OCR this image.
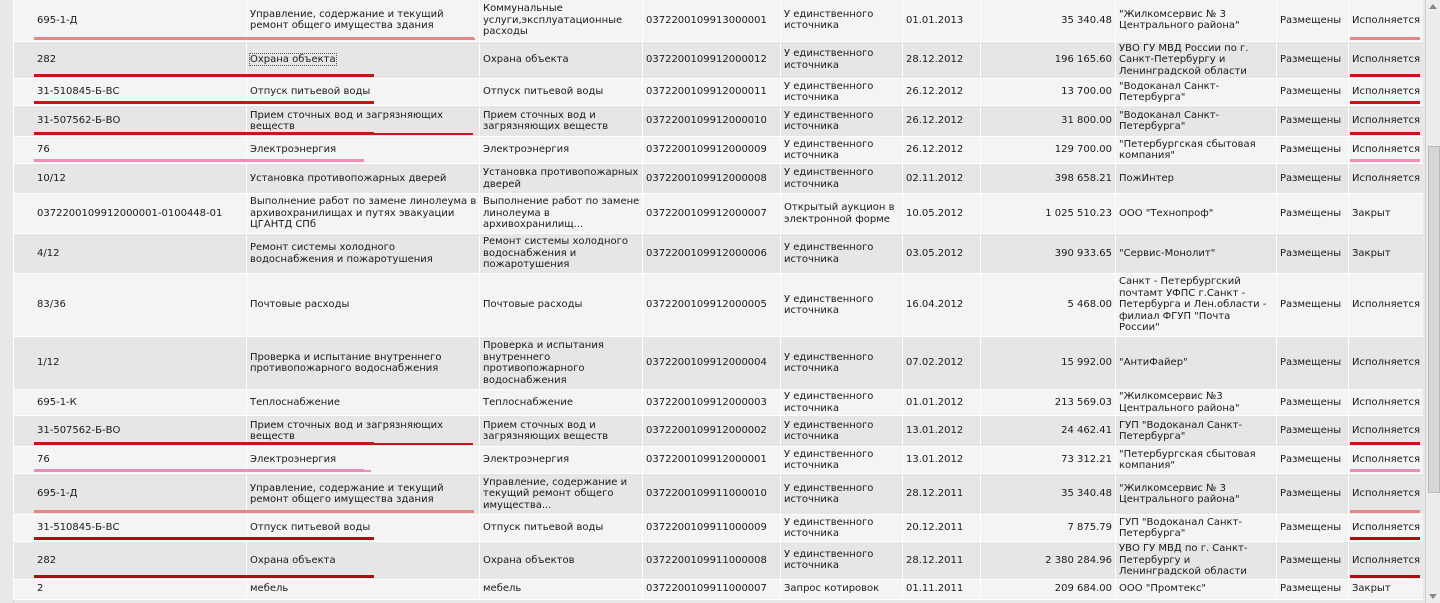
695-1-Д	Управление, содержание и текущий ремонт общего имущества здания	Коммунальные услуги,эксплуатационные расходы	0372200109913000001	У единственного источника	01.01.2013	35 340.48	"Жилкомсервис № 3 Центрального района"	Размещены	Исполняется

282	Охрана объекта	Охрана объекта	0372200109912000012	У единственного источника	28.12.2012	196 165.60	УВО ГУ МВД России по г. Санкт-Петербургу и Ленинградской области	Размещены	Исполняется

31-510845-Б-ВС	Отпуск питьевой воды	Отпуск питьевой воды	0372200109912000011	У единственного источника	26.12.2012	13 700.00	"Водоканал Санкт-Петербурга"	Размещены	Исполняется

31-507562-Б-ВО	Прием сточных вод и загрязняющих веществ	Прием сточных вод и загрязняющих веществ	0372200109912000010	У единственного источника	26.12.2012	31 800.00	"Водоканал Санкт-Петербурга"	Размещены	Исполняется

76	Электроэнергия	Электроэнергия	0372200109912000009	У единственного источника	26.12.2012	129 700.00	"Петербургская сбытовая компания"	Размещены	Исполняется

10/12	Установка противопожарных дверей	Установка противопожарных дверей	0372200109912000008	У единственного источника	02.11.2012	398 658.21	ПожИнтер	Размещены	Исполняется
0372200109912000001-0100448-01	Выполнение работ по замене линолеума в архивохранилищах и путях эвакуации ЦГАНТД СПб	Выполнение работ по замене линолеума в архивохранилищ...	0372200109912000007	Открытый аукцион в электронной форме	10.05.2012	1 025 510.23	ООО "Технопроф"	Размещены	Закрыт
4/12	Ремонт системы холодного водоснабжения и пожаротушения	Ремонт системы холодного водоснабжения и пожаротушения	0372200109912000006	У единственного источника	03.05.2012	390 933.65	"Сервис-Монолит"	Размещены	Закрыт
83/36	Почтовые расходы	Почтовые расходы	0372200109912000005	У единственного источника	16.04.2012	5 468.00	Санкт - Петербургский почтамт УФПС г.Санкт - Петербурга и Лен.области - филиал ФГУП "Почта России"	Размещены	Исполняется
1/12	Проверка и испытание внутреннего противопожарного водоснабжения	Проверка и испытания внутреннего противопожарного водоснабжения	0372200109912000004	У единственного источника	07.02.2012	15 992.00	"АнтиФайер"	Размещены	Исполняется
695-1-К	Теплоснабжение	Теплоснабжение	0372200109912000003	У единственного источника	01.01.2012	213 569.03	"Жилкомсервис №3 Центрального района"	Размещены	Исполняется
31-507562-Б-ВО	Прием сточных вод и загрязняющих веществ	Прием сточных вод и загрязняющих веществ	0372200109912000002	У единственного источника	13.01.2012	24 462.41	ГУП "Водоканал Санкт-Петербурга"	Размещены	Исполняется

76	Электроэнергия	Электроэнергия	0372200109912000001	У единственного источника	13.01.2012	73 312.21	"Петербургская сбытовая компания"	Размещены	Исполняется

695-1-Д	Управление, содержание и текущий ремонт общего имущества здания	Управление, содержание и текущий ремонт общего имущества...	0372200109911000010	У единственного источника	28.12.2011	35 340.48	"Жилкомсервис № 3 Центрального района"	Размещены	Исполняется

31-510845-Б-ВС	Отпуск питьевой воды	Отпуск питьевой воды	0372200109911000009	У единственного источника	20.12.2011	7 875.79	ГУП "Водоканал Санкт-Петербурга"	Размещены	Исполняется

282	Охрана объекта	Охрана объектов	0372200109911000008	У единственного источника	28.12.2011	2 380 284.96	УВО ГУ МВД по г. Санкт-Петербургу и Ленинградской области	Размещены	Исполняется

2	мебель	мебель	0372200109911000007	Запрос котировок	01.11.2011	209 684.00	ООО "Промтекс"	Размещены	Закрыт
